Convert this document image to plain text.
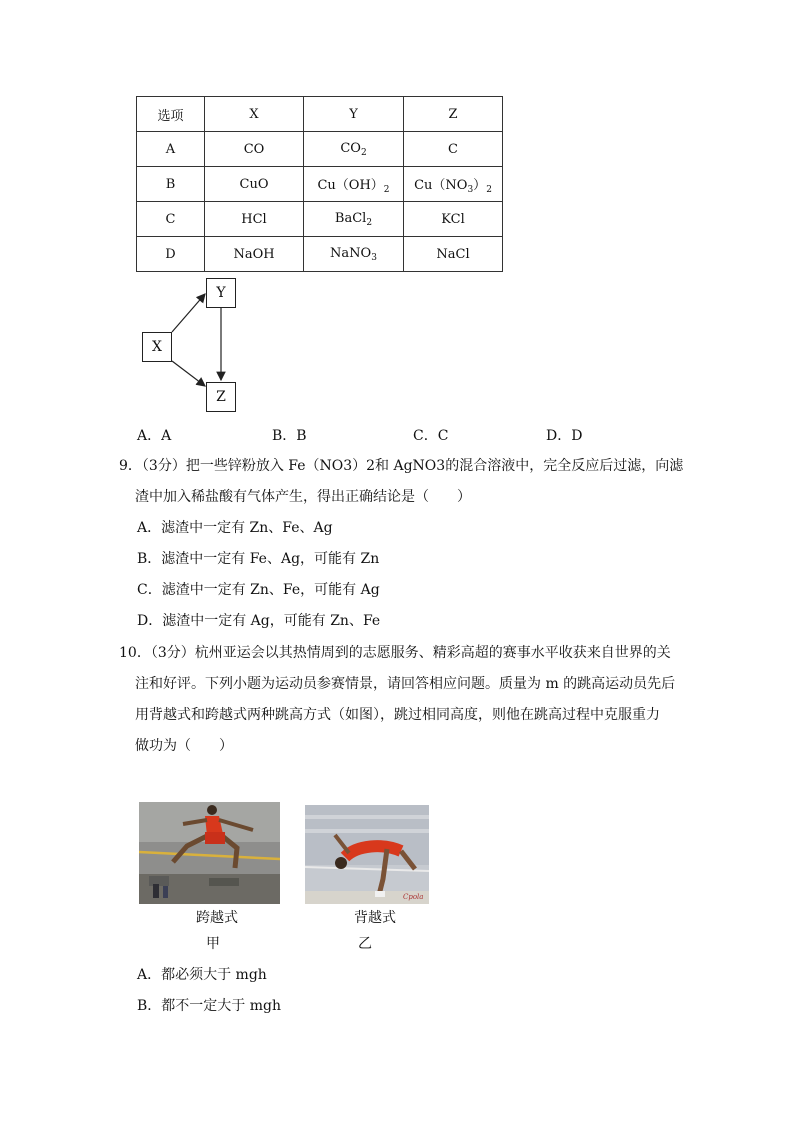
选项	X	Y	Z
A	CO	$CO_2$	C
B	CuO	$Cu(OH)_2$	$Cu(NO_3)_2$
C	HCl	BaCl$_2$	KCl
D	NaOH	NaNO$_3$	NaCl
Y
X
Z
A．A	B．B	C．C	D．D
9．（3分）把一些锌粉放入 Fe（NO3）2和 AgNO3的混合溶液中，完全反应后过滤，向滤
渣中加入稀盐酸有气体产生，得出正确结论是（　　）
A．滤渣中一定有 Zn、Fe、Ag
B．滤渣中一定有 Fe、Ag，可能有 Zn
C．滤渣中一定有 Zn、Fe，可能有 Ag
D．滤渣中一定有 Ag，可能有 Zn、Fe
10．（3分）杭州亚运会以其热情周到的志愿服务、精彩高超的赛事水平收获来自世界的关
注和好评。下列小题为运动员参赛情景，请回答相应问题。质量为 m 的跳高运动员先后
用背越式和跨越式两种跳高方式（如图），跳过相同高度，则他在跳高过程中克服重力
做功为（　　）
跨越式
甲
Cpola
背越式
乙
A．都必须大于 mgh
B．都不一定大于 mgh
